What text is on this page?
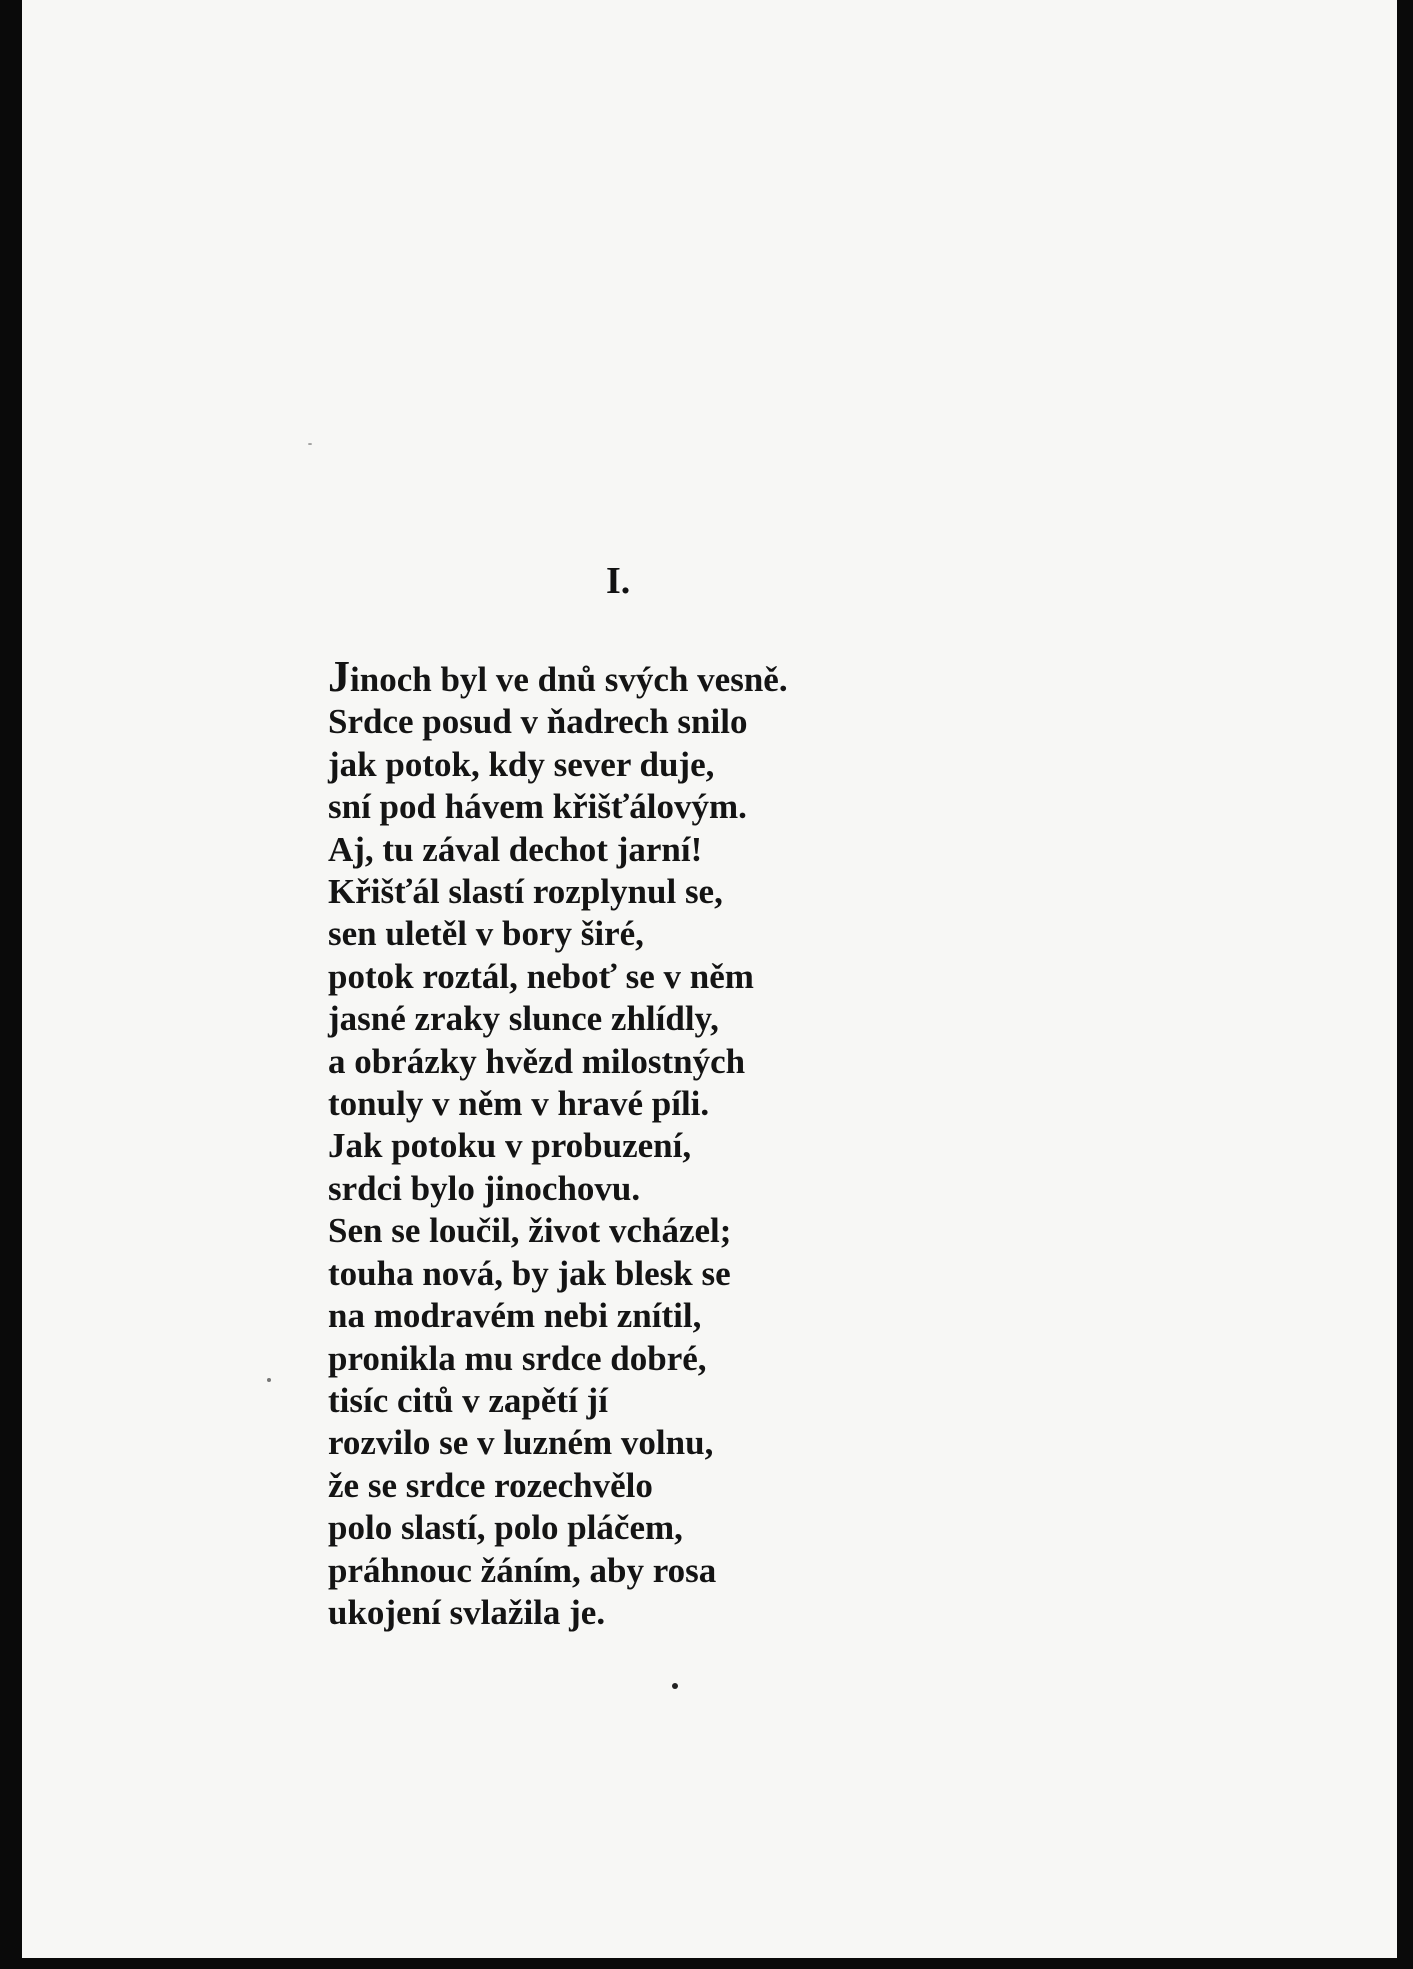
I.
Jinoch byl ve dnů svých vesně.
Srdce posud v ňadrech snilo
jak potok, kdy sever duje,
sní pod hávem křišťálovým.
Aj, tu zával dechot jarní!
Křišťál slastí rozplynul se,
sen uletěl v bory širé,
potok roztál, neboť se v něm
jasné zraky slunce zhlídly,
a obrázky hvězd milostných
tonuly v něm v hravé píli.
Jak potoku v probuzení,
srdci bylo jinochovu.
Sen se loučil, život vcházel;
touha nová, by jak blesk se
na modravém nebi znítil,
pronikla mu srdce dobré,
tisíc citů v zapětí jí
rozvilo se v luzném volnu,
že se srdce rozechvělo
polo slastí, polo pláčem,
práhnouc žáním, aby rosa
ukojení svlažila je.
